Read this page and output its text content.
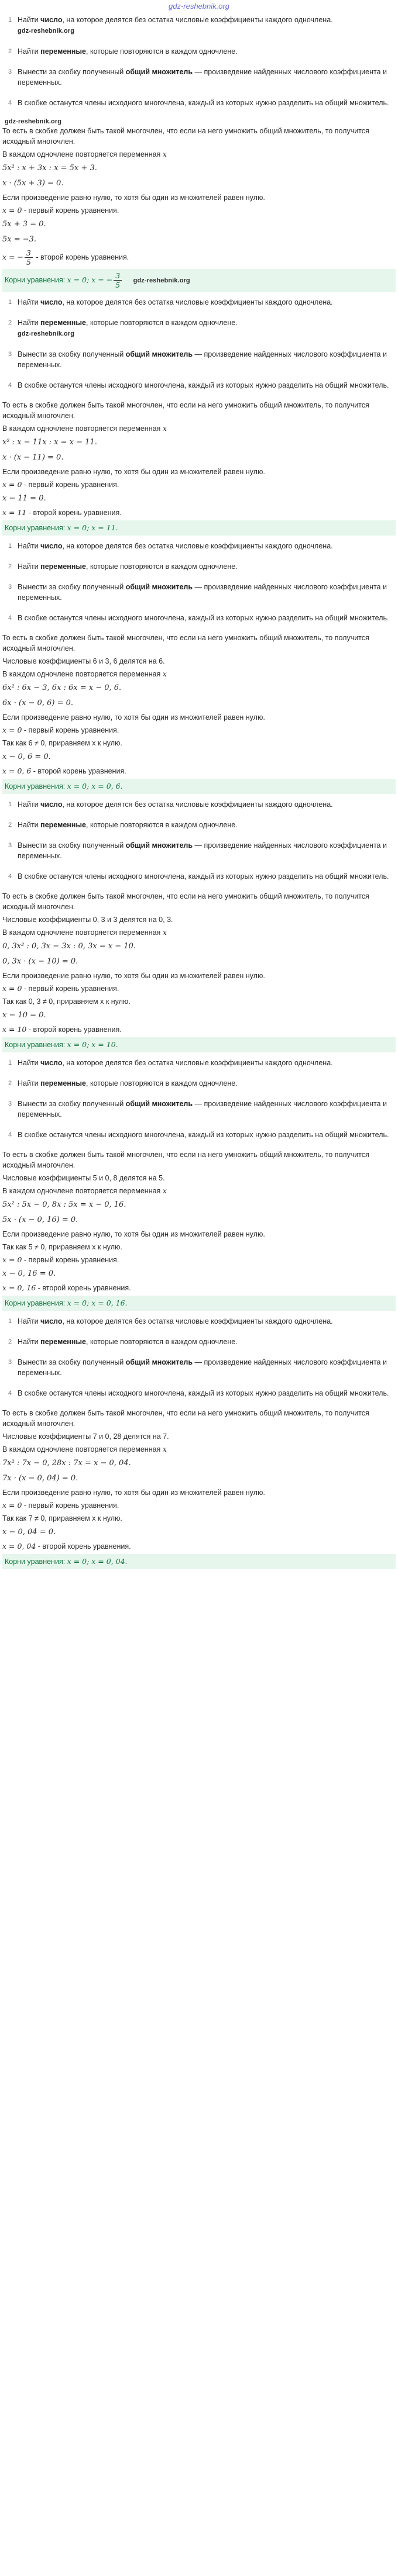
gdz-reshebnik.org
Найти число, на которое делятся без остатка числовые коэффициенты каждого одночлена.
gdz-reshebnik.org
Найти переменные, которые повторяются в каждом одночлене.
Вынести за скобку полученный общий множитель — произведение найденных числового коэффициента и переменных.
В скобке останутся члены исходного многочлена, каждый из которых нужно разделить на общий множитель.
gdz-reshebnik.org

То есть в скобке должен быть такой многочлен, что если на него умножить общий множитель, то получится исходный многочлен.

В каждом одночлене повторяется переменная x

5x² : x + 3x : x = 5x + 3.

x · (5x + 3) = 0.

Если произведение равно нулю, то хотя бы один из множителей равен нулю.

x = 0 - первый корень уравнения.

5x + 3 = 0.

5x = −3.

x = − $\frac{3}{5}$ - второй корень уравнения.

Корни уравнения: x = 0; x = − $\frac{3}{5}$ gdz-reshebnik.org
Найти число, на которое делятся без остатка числовые коэффициенты каждого одночлена.
Найти переменные, которые повторяются в каждом одночлене.
gdz-reshebnik.org
Вынести за скобку полученный общий множитель — произведение найденных числового коэффициента и переменных.
В скобке останутся члены исходного многочлена, каждый из которых нужно разделить на общий множитель.

То есть в скобке должен быть такой многочлен, что если на него умножить общий множитель, то получится исходный многочлен.

В каждом одночлене повторяется переменная x

x² : x − 11x : x = x − 11.

x · (x − 11) = 0.

Если произведение равно нулю, то хотя бы один из множителей равен нулю.

x = 0 - первый корень уравнения.

x − 11 = 0.

x = 11 - второй корень уравнения.

Корни уравнения: x = 0; x = 11.
Найти число, на которое делятся без остатка числовые коэффициенты каждого одночлена.
Найти переменные, которые повторяются в каждом одночлене.
Вынести за скобку полученный общий множитель — произведение найденных числового коэффициента и переменных.
В скобке останутся члены исходного многочлена, каждый из которых нужно разделить на общий множитель.

То есть в скобке должен быть такой многочлен, что если на него умножить общий множитель, то получится исходный многочлен.

Числовые коэффициенты 6 и 3, 6 делятся на 6.

В каждом одночлене повторяется переменная x

6x² : 6x − 3, 6x : 6x = x − 0, 6.

6x · (x − 0, 6) = 0.

Если произведение равно нулю, то хотя бы один из множителей равен нулю.

x = 0 - первый корень уравнения.

Так как 6 ≠ 0, приравняем x к нулю.

x − 0, 6 = 0.

x = 0, 6 - второй корень уравнения.

Корни уравнения: x = 0; x = 0, 6.
Найти число, на которое делятся без остатка числовые коэффициенты каждого одночлена.
Найти переменные, которые повторяются в каждом одночлене.
Вынести за скобку полученный общий множитель — произведение найденных числового коэффициента и переменных.
В скобке останутся члены исходного многочлена, каждый из которых нужно разделить на общий множитель.

То есть в скобке должен быть такой многочлен, что если на него умножить общий множитель, то получится исходный многочлен.

Числовые коэффициенты 0, 3 и 3 делятся на 0, 3.

В каждом одночлене повторяется переменная x

0, 3x² : 0, 3x − 3x : 0, 3x = x − 10.

0, 3x · (x − 10) = 0.

Если произведение равно нулю, то хотя бы один из множителей равен нулю.

x = 0 - первый корень уравнения.

Так как 0, 3 ≠ 0, приравняем x к нулю.

x − 10 = 0.

x = 10 - второй корень уравнения.

Корни уравнения: x = 0; x = 10.
Найти число, на которое делятся без остатка числовые коэффициенты каждого одночлена.
Найти переменные, которые повторяются в каждом одночлене.
Вынести за скобку полученный общий множитель — произведение найденных числового коэффициента и переменных.
В скобке останутся члены исходного многочлена, каждый из которых нужно разделить на общий множитель.

То есть в скобке должен быть такой многочлен, что если на него умножить общий множитель, то получится исходный многочлен.

Числовые коэффициенты 5 и 0, 8 делятся на 5.

В каждом одночлене повторяется переменная x

5x² : 5x − 0, 8x : 5x = x − 0, 16.

5x · (x − 0, 16) = 0.

Если произведение равно нулю, то хотя бы один из множителей равен нулю.

Так как 5 ≠ 0, приравняем x к нулю.

x = 0 - первый корень уравнения.

x − 0, 16 = 0.

x = 0, 16 - второй корень уравнения.

Корни уравнения: x = 0; x = 0, 16.
Найти число, на которое делятся без остатка числовые коэффициенты каждого одночлена.
Найти переменные, которые повторяются в каждом одночлене.
Вынести за скобку полученный общий множитель — произведение найденных числового коэффициента и переменных.
В скобке останутся члены исходного многочлена, каждый из которых нужно разделить на общий множитель.

То есть в скобке должен быть такой многочлен, что если на него умножить общий множитель, то получится исходный многочлен.

Числовые коэффициенты 7 и 0, 28 делятся на 7.

В каждом одночлене повторяется переменная x

7x² : 7x − 0, 28x : 7x = x − 0, 04.

7x · (x − 0, 04) = 0.

Если произведение равно нулю, то хотя бы один из множителей равен нулю.

x = 0 - первый корень уравнения.

Так как 7 ≠ 0, приравняем x к нулю.

x − 0, 04 = 0.

x = 0, 04 - второй корень уравнения.

Корни уравнения: x = 0; x = 0, 04.
